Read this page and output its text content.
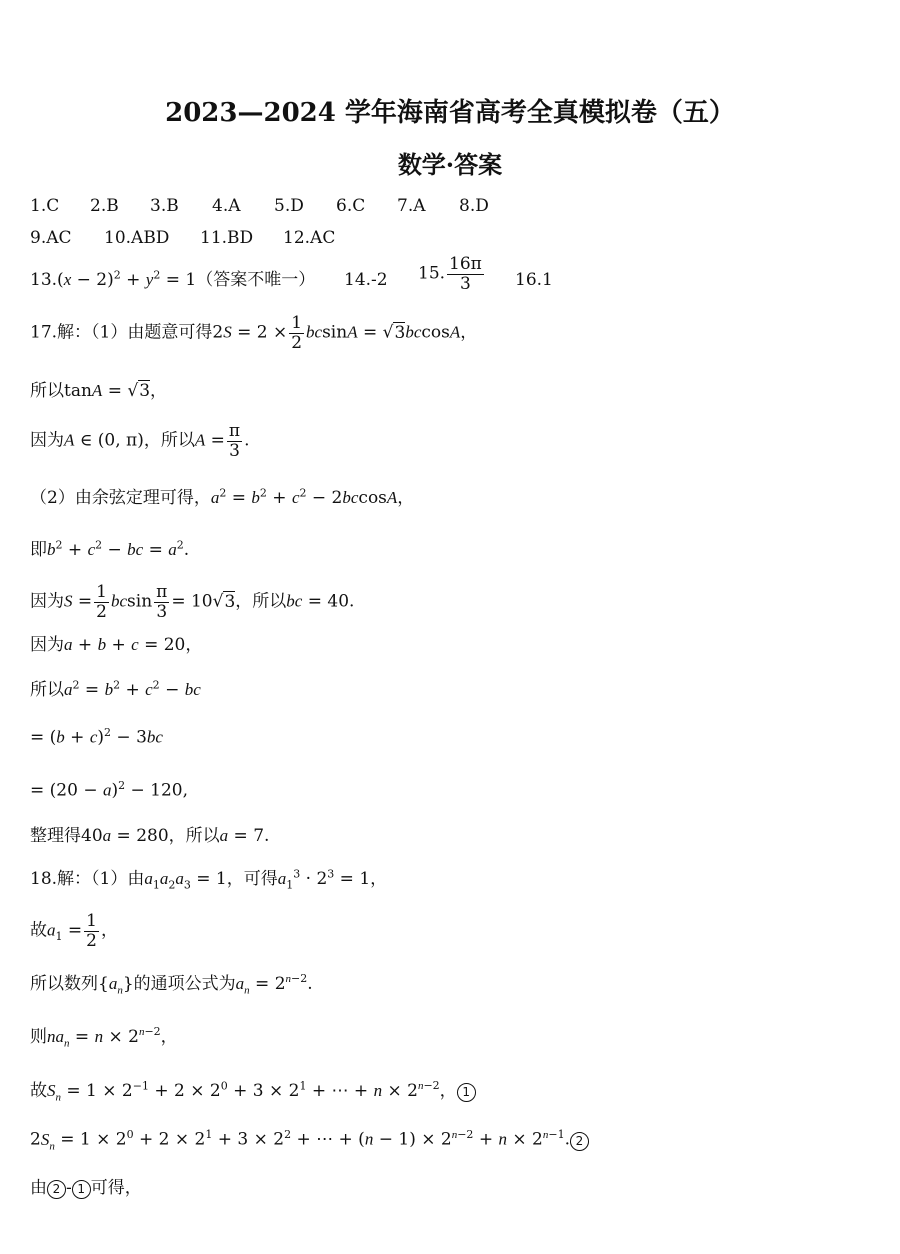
2023—2024 学年海南省高考全真模拟卷（五）
数学·答案
1.C 2.B 3.B 4.A 5.D 6.C 7.A 8.D
9.AC 10.ABD 11.BD 12.AC
$13.(x - 2)^2 + y^2 = 1$（答案不唯一） 14.-2 15. $\frac{16\pi}{3} 16.1$
17.解：（1）由题意可得$2S = 2 \times \frac{1}{2}$ bcsinA = √3bccosA，
所以tanA = √3，
因为A ∈ (0, π)，所以$A = \frac{\pi}{3}$ .
（2）由余弦定理可得，$a^2 = b^2 + c^2 - 2bccosA$，
即$b^2 + c^2$ − bc = $a^2$.
因为$S = \frac{1}{2}$ bcsin $\frac{\pi}{3} = 10√3$，所以bc = 40.
因为a + b + c = 20，
所以$a^2 = b^2 + c^2$ − bc
= $(b + c)^2 - 3bc$
= $(20 - a)^2 - 120$,
整理得40a = 280，所以a = 7.
18.解：（1）由$a_1a_2a_3 = 1$，可得$a_1^3 \cdot 2^3 = 1$，
故$a_1 = \frac{1}{2}$ ，
所以数列$\{a_n\}$的通项公式为$a_n = 2^{n-2}$.
则$na_n = n \times 2^{n-2}$，
故$S_n = 1 \times 2^{-1} + 2 \times 2^0 + 3 \times 2^1$ + ⋯ + $n \times 2^{n-2}$， 1
$2S_n = 1 \times 2^0 + 2 \times 2^1 + 3 \times 2^2$ + ⋯ + $(n - 1) \times 2^{n-2} + n \times 2^{n-1}$. 2
由 2 - 1 可得，
